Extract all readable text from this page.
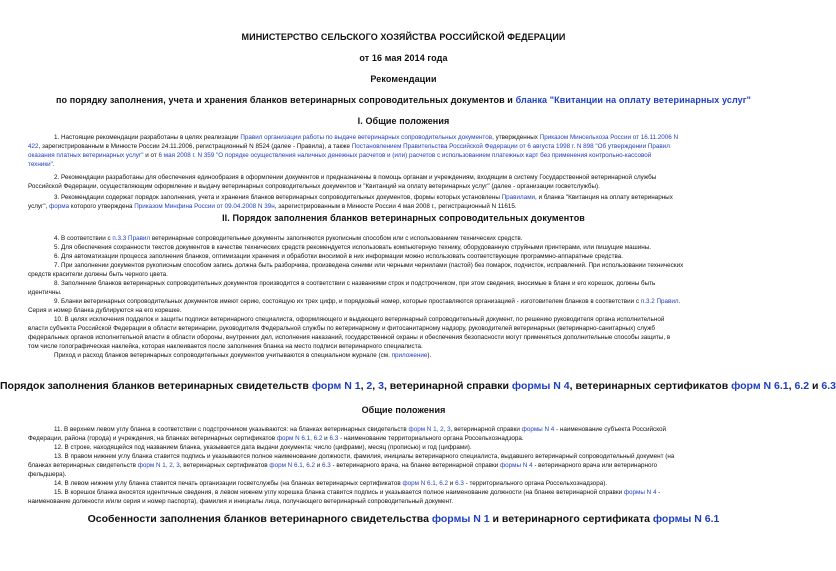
МИНИСТЕРСТВО СЕЛЬСКОГО ХОЗЯЙСТВА РОССИЙСКОЙ ФЕДЕРАЦИИ
от 16 мая 2014 года
Рекомендации
по порядку заполнения, учета и хранения бланков ветеринарных сопроводительных документов и бланка "Квитанции на оплату ветеринарных услуг"
I. Общие положения
1. Настоящие рекомендации разработаны в целях реализации Правил организации работы по выдаче ветеринарных сопроводительных документов, утвержденных Приказом Минсельхоза России от 16.11.2006 N
422, зарегистрированным в Минюсте России 24.11.2006, регистрационный N 8524 (далее - Правила), а также Постановлением Правительства Российской Федерации от 6 августа 1998 г. N 898 "Об утверждении Правил
оказания платных ветеринарных услуг" и от 6 мая 2008 г. N 359 "О порядке осуществления наличных денежных расчетов и (или) расчетов с использованием платежных карт без применения контрольно-кассовой
техники".
2. Рекомендации разработаны для обеспечения единообразия в оформлении документов и предназначены в помощь органам и учреждениям, входящим в систему Государственной ветеринарной службы
Российской Федерации, осуществляющим оформление и выдачу ветеринарных сопроводительных документов и "Квитанций на оплату ветеринарных услуг" (далее - организации госветслужбы).
3. Рекомендации содержат порядок заполнения, учета и хранения бланков ветеринарных сопроводительных документов, формы которых установлены Правилами, и бланка "Квитанция на оплату ветеринарных
услуг", форма которого утверждена Приказом Минфина России от 09.04.2008 N 39н, зарегистрированным в Минюсте России 4 мая 2008 г., регистрационный N 11615.
II. Порядок заполнения бланков ветеринарных сопроводительных документов
4. В соответствии с п.3.3 Правил ветеринарные сопроводительные документы заполняются рукописным способом или с использованием технических средств.
5. Для обеспечения сохранности текстов документов в качестве технических средств рекомендуется использовать компьютерную технику, оборудованную струйными принтерами, или пишущие машины.
6. Для автоматизации процесса заполнения бланков, оптимизации хранения и обработки вносимой в них информации можно использовать соответствующие программно-аппаратные средства.
7. При заполнении документов рукописным способом запись должна быть разборчива, произведена синими или черными чернилами (пастой) без помарок, подчисток, исправлений. При использовании технических
средств красители должны быть черного цвета.
8. Заполнение бланков ветеринарных сопроводительных документов производится в соответствии с названиями строк и подстрочником, при этом сведения, вносимые в бланк и его корешок, должны быть
идентичны.
9. Бланки ветеринарных сопроводительных документов имеют серию, состоящую их трех цифр, и порядковый номер, которые проставляются организацией - изготовителем бланков в соответствии с п.3.2 Правил.
Серия и номер бланка дублируются на его корешке.
10. В целях исключения подделок и защиты подписи ветеринарного специалиста, оформляющего и выдающего ветеринарный сопроводительный документ, по решению руководителя органа исполнительной
власти субъекта Российской Федерации в области ветеринарии, руководителя Федеральной службы по ветеринарному и фитосанитарному надзору, руководителей ветеринарных (ветеринарно-санитарных) служб
федеральных органов исполнительной власти в области обороны, внутренних дел, исполнения наказаний, государственной охраны и обеспечения безопасности могут применяться дополнительные способы защиты, в
том числе голографическая наклейка, которая наклеивается после заполнения бланка на место подписи ветеринарного специалиста.
Приход и расход бланков ветеринарных сопроводительных документов учитываются в специальном журнале (см. приложение).
Порядок заполнения бланков ветеринарных свидетельств форм N 1, 2, 3, ветеринарной справки формы N 4, ветеринарных сертификатов форм N 6.1, 6.2 и 6.3
Общие положения
11. В верхнем левом углу бланка в соответствии с подстрочником указываются: на бланках ветеринарных свидетельств форм N 1, 2, 3, ветеринарной справки формы N 4 - наименование субъекта Российской
Федерации, района (города) и учреждения, на бланках ветеринарных сертификатов форм N 6.1, 6.2 и 6.3 - наименование территориального органа Россельхознадзора.
12. В строке, находящейся под названием бланка, указывается дата выдачи документа: число (цифрами), месяц (прописью) и год (цифрами).
13. В правом нижнем углу бланка ставится подпись и указываются полное наименование должности, фамилия, инициалы ветеринарного специалиста, выдавшего ветеринарный сопроводительный документ (на
бланках ветеринарных свидетельств форм N 1, 2, 3, ветеринарных сертификатов форм N 6.1, 6.2 и 6.3 - ветеринарного врача, на бланке ветеринарной справки формы N 4 - ветеринарного врача или ветеринарного
фельдшера).
14. В левом нижнем углу бланка ставится печать организации госветслужбы (на бланках ветеринарных сертификатов форм N 6.1, 6.2 и 6.3 - территориального органа Россельхознадзора).
15. В корешок бланка вносятся идентичные сведения, в левом нижнем углу корешка бланка ставится подпись и указывается полное наименование должности (на бланке ветеринарной справки формы N 4 -
наименование должности и/или серия и номер паспорта), фамилия и инициалы лица, получающего ветеринарный сопроводительный документ.
Особенности заполнения бланков ветеринарного свидетельства формы N 1 и ветеринарного сертификата формы N 6.1
